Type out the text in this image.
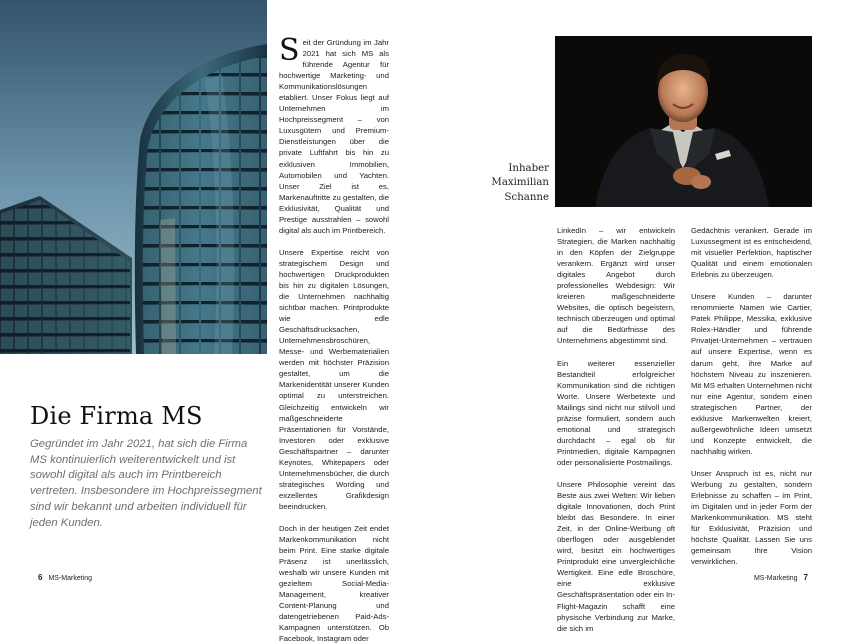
Die Firma MS

Gegründet im Jahr 2021, hat sich die Firma MS kontinuierlich weiterentwickelt und ist sowohl digital als auch im Printbereich vertreten. Insbesondere im Hochpreissegment sind wir bekannt und arbeiten individuell für jeden Kunden.

Seit der Gründung im Jahr 2021 hat sich MS als führende Agentur für hochwertige Marketing- und Kommunikationslösungen etabliert. Unser Fokus liegt auf Unternehmen im Hochpreissegment – von Luxusgütern und Premium-Dienstleistungen über die private Luftfahrt bis hin zu exklusiven Immobilien, Automobilen und Yachten. Unser Ziel ist es, Markenauftritte zu gestalten, die Exklusivität, Qualität und Prestige ausstrahlen – sowohl digital als auch im Printbereich.

Unsere Expertise reicht von strategischem Design und hochwertigen Druckprodukten bis hin zu digitalen Lösungen, die Unternehmen nachhaltig sichtbar machen. Printprodukte wie edle Geschäftsdrucksachen, Unternehmensbroschüren, Messe- und Werbematerialien werden mit höchster Präzision gestaltet, um die Markenidentität unserer Kunden optimal zu unterstreichen. Gleichzeitig entwickeln wir maßgeschneiderte Präsentationen für Vorstände, Investoren oder exklusive Geschäftspartner – darunter Keynotes, Whitepapers oder Unternehmensbücher, die durch strategisches Wording und exzellentes Grafikdesign beeindrucken.

Doch in der heutigen Zeit endet Markenkommunikation nicht beim Print. Eine starke digitale Präsenz ist unerlässlich, weshalb wir unsere Kunden mit gezieltem Social-Media-Management, kreativer Content-Planung und datengetriebenen Paid-Ads-Kampagnen unterstützen. Ob Facebook, Instagram oder

6 MS-Marketing
Inhaber Maximilian Schanne

LinkedIn – wir entwickeln Strategien, die Marken nachhaltig in den Köpfen der Zielgruppe verankern. Ergänzt wird unser digitales Angebot durch professionelles Webdesign: Wir kreieren maßgeschneiderte Websites, die optisch begeistern, technisch überzeugen und optimal auf die Bedürfnisse des Unternehmens abgestimmt sind.

Ein weiterer essenzieller Bestandteil erfolgreicher Kommunikation sind die richtigen Worte. Unsere Werbetexte und Mailings sind nicht nur stilvoll und präzise formuliert, sondern auch emotional und strategisch durchdacht – egal ob für Printmedien, digitale Kampagnen oder personalisierte Postmailings.

Unsere Philosophie vereint das Beste aus zwei Welten: Wir lieben digitale Innovationen, doch Print bleibt das Besondere. In einer Zeit, in der Online-Werbung oft überflogen oder ausgeblendet wird, besitzt ein hochwertiges Printprodukt eine unvergleichliche Wertigkeit. Eine edle Broschüre, eine exklusive Geschäftspräsentation oder ein In-Flight-Magazin schafft eine physische Verbindung zur Marke, die sich im

Gedächtnis verankert. Gerade im Luxussegment ist es entscheidend, mit visueller Perfektion, haptischer Qualität und einem emotionalen Erlebnis zu überzeugen.

Unsere Kunden – darunter renommierte Namen wie Cartier, Patek Philippe, Messika, exklusive Rolex-Händler und führende Privatjet-Unternehmen – vertrauen auf unsere Expertise, wenn es darum geht, ihre Marke auf höchstem Niveau zu inszenieren. Mit MS erhalten Unternehmen nicht nur eine Agentur, sondern einen strategischen Partner, der exklusive Markenwelten kreiert, außergewöhnliche Ideen umsetzt und Konzepte entwickelt, die nachhaltig wirken.

Unser Anspruch ist es, nicht nur Werbung zu gestalten, sondern Erlebnisse zu schaffen – im Print, im Digitalen und in jeder Form der Markenkommunikation. MS steht für Exklusivität, Präzision und höchste Qualität. Lassen Sie uns gemeinsam Ihre Vision verwirklichen.

MS-Marketing 7
